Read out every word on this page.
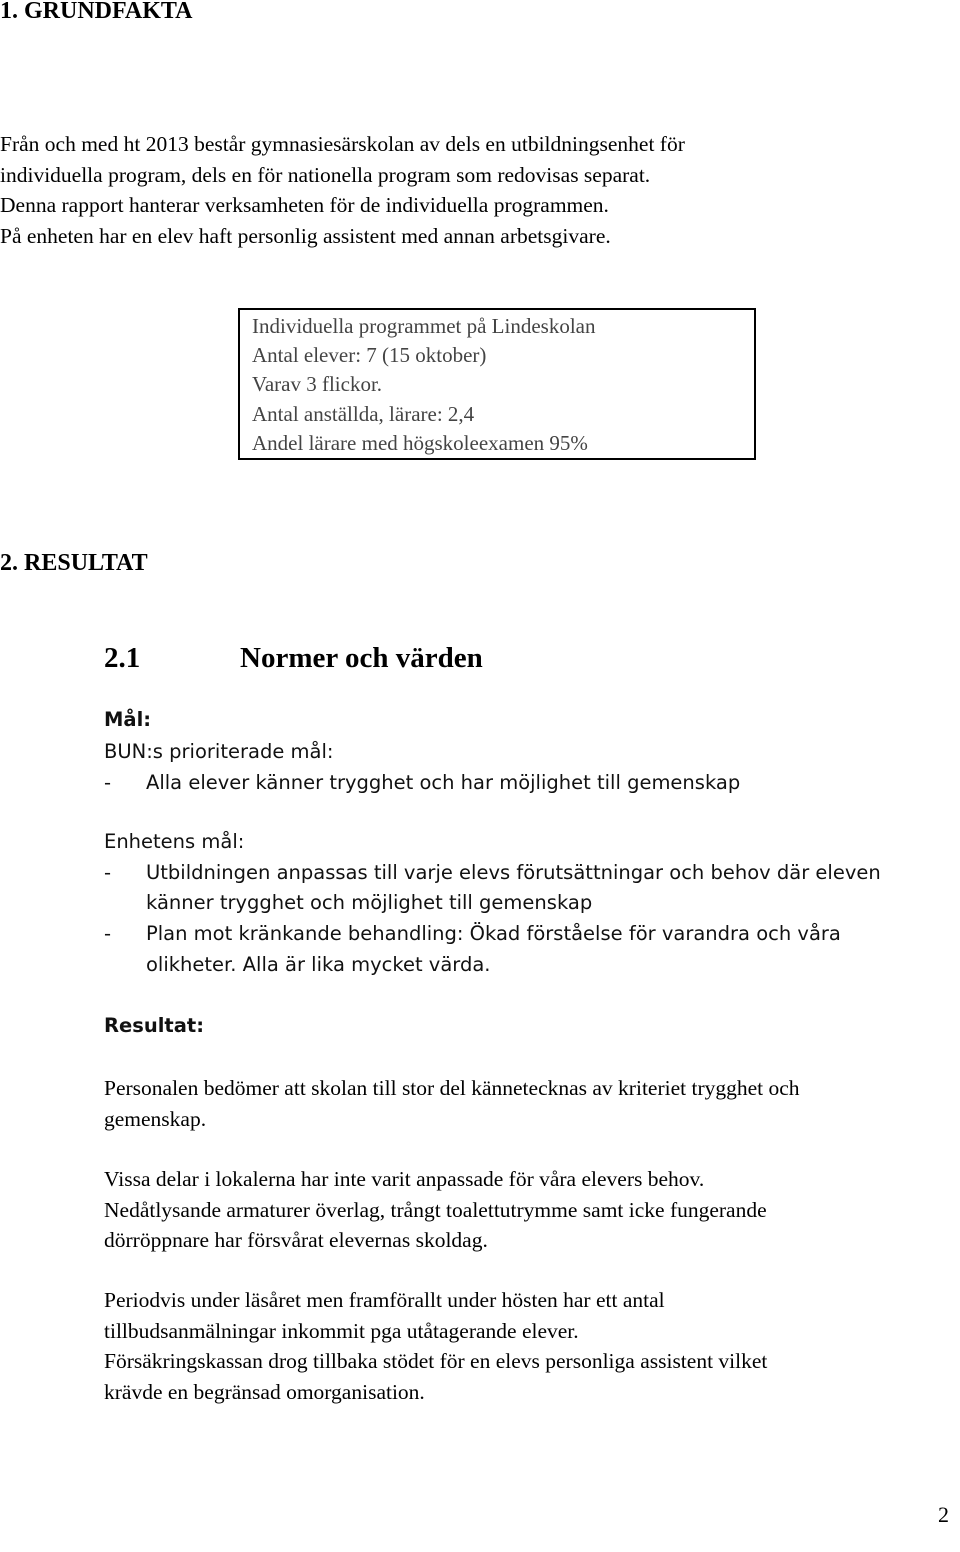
1. GRUNDFAKTA
Från och med ht 2013 består gymnasiesärskolan av dels en utbildningsenhet för
individuella program, dels en för nationella program som redovisas separat.
Denna rapport hanterar verksamheten för de individuella programmen.
På enheten har en elev haft personlig assistent med annan arbetsgivare.
Individuella programmet på Lindeskolan
Antal elever: 7 (15 oktober)
Varav 3 flickor.
Antal anställda, lärare: 2,4
Andel lärare med högskoleexamen 95%
2. RESULTAT
2.1	Normer och värden
Mål:
BUN:s prioriterade mål:
- Alla elever känner trygghet och har möjlighet till gemenskap
Enhetens mål:
- Utbildningen anpassas till varje elevs förutsättningar och behov där eleven
känner trygghet och möjlighet till gemenskap
- Plan mot kränkande behandling: Ökad förståelse för varandra och våra
olikheter. Alla är lika mycket värda.
Resultat:
Personalen bedömer att skolan till stor del kännetecknas av kriteriet trygghet och
gemenskap.
Vissa delar i lokalerna har inte varit anpassade för våra elevers behov.
Nedåtlysande armaturer överlag, trångt toalettutrymme samt icke fungerande
dörröppnare har försvårat elevernas skoldag.
Periodvis under läsåret men framförallt under hösten har ett antal
tillbudsanmälningar inkommit pga utåtagerande elever.
Försäkringskassan drog tillbaka stödet för en elevs personliga assistent vilket
krävde en begränsad omorganisation.
2
